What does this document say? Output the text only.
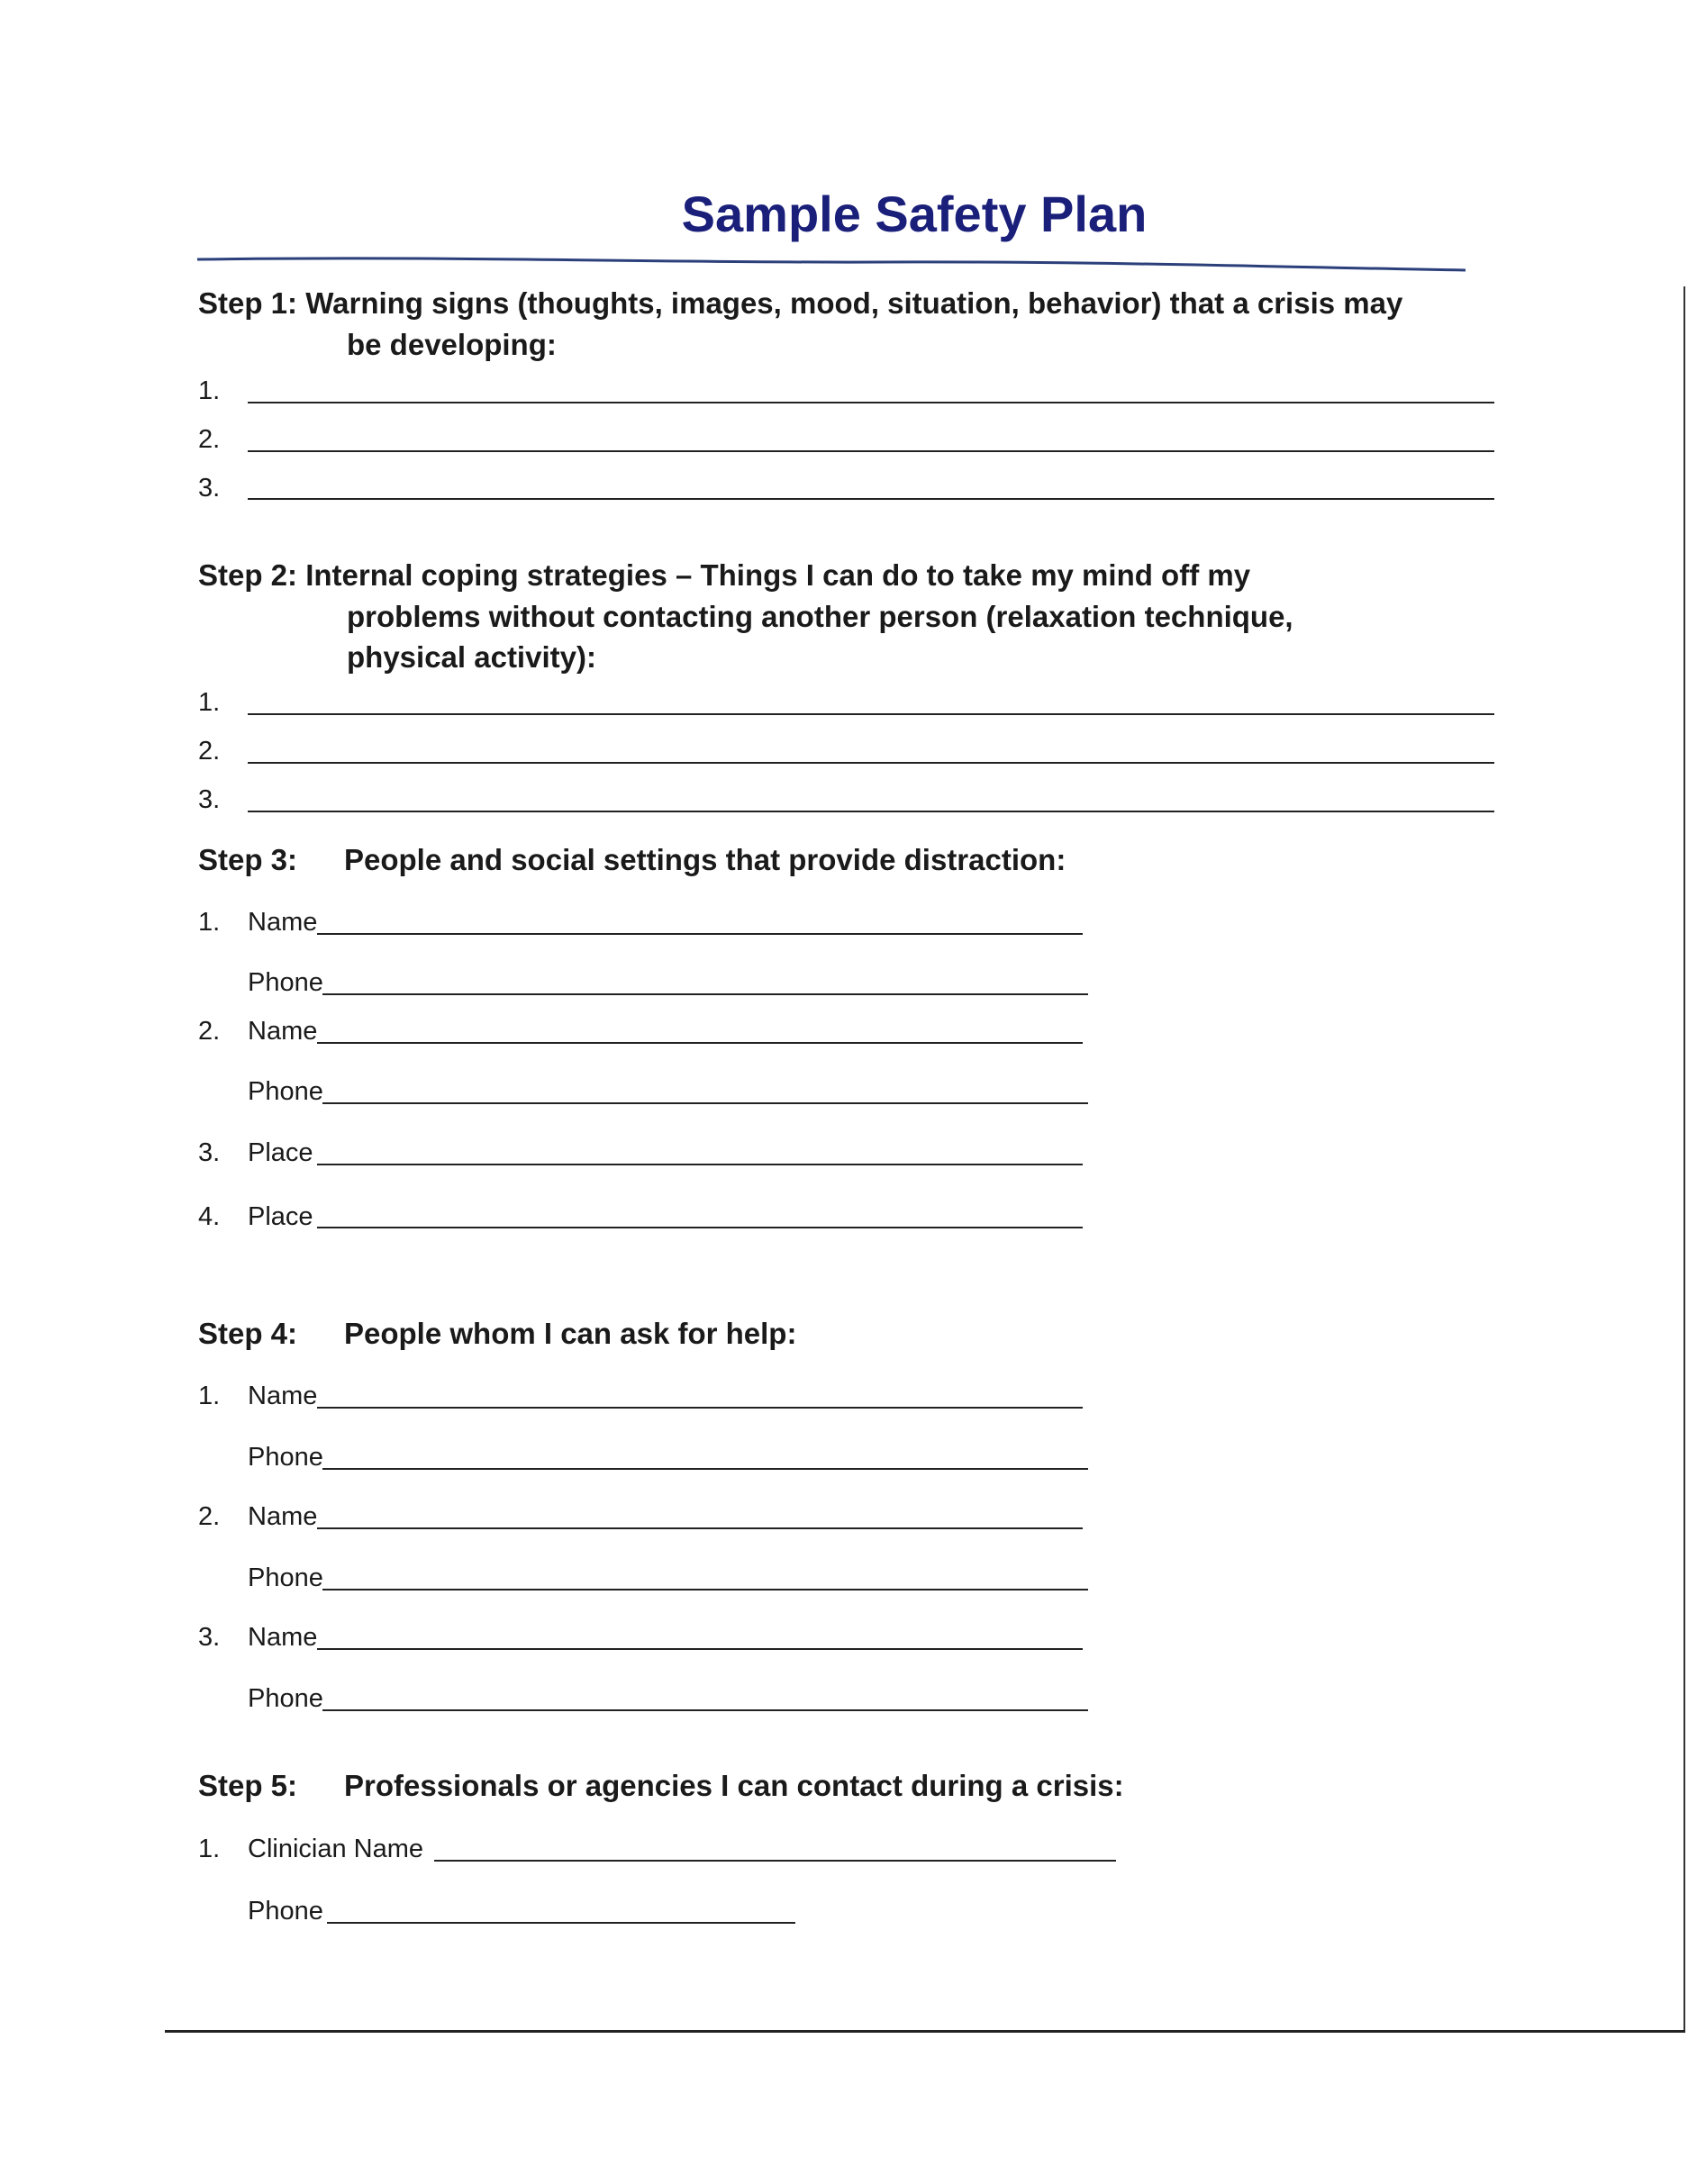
Sample Safety Plan
Step 1: Warning signs (thoughts, images, mood, situation, behavior) that a crisis may
be developing:
1.
2.
3.
Step 2: Internal coping strategies – Things I can do to take my mind off my
problems without contacting another person (relaxation technique,
physical activity):
1.
2.
3.
Step 3: People and social settings that provide distraction:
1. Name
Phone
2. Name
Phone
3. Place
4. Place
Step 4: People whom I can ask for help:
1. Name
Phone
2. Name
Phone
3. Name
Phone
Step 5: Professionals or agencies I can contact during a crisis:
1. Clinician Name
Phone
